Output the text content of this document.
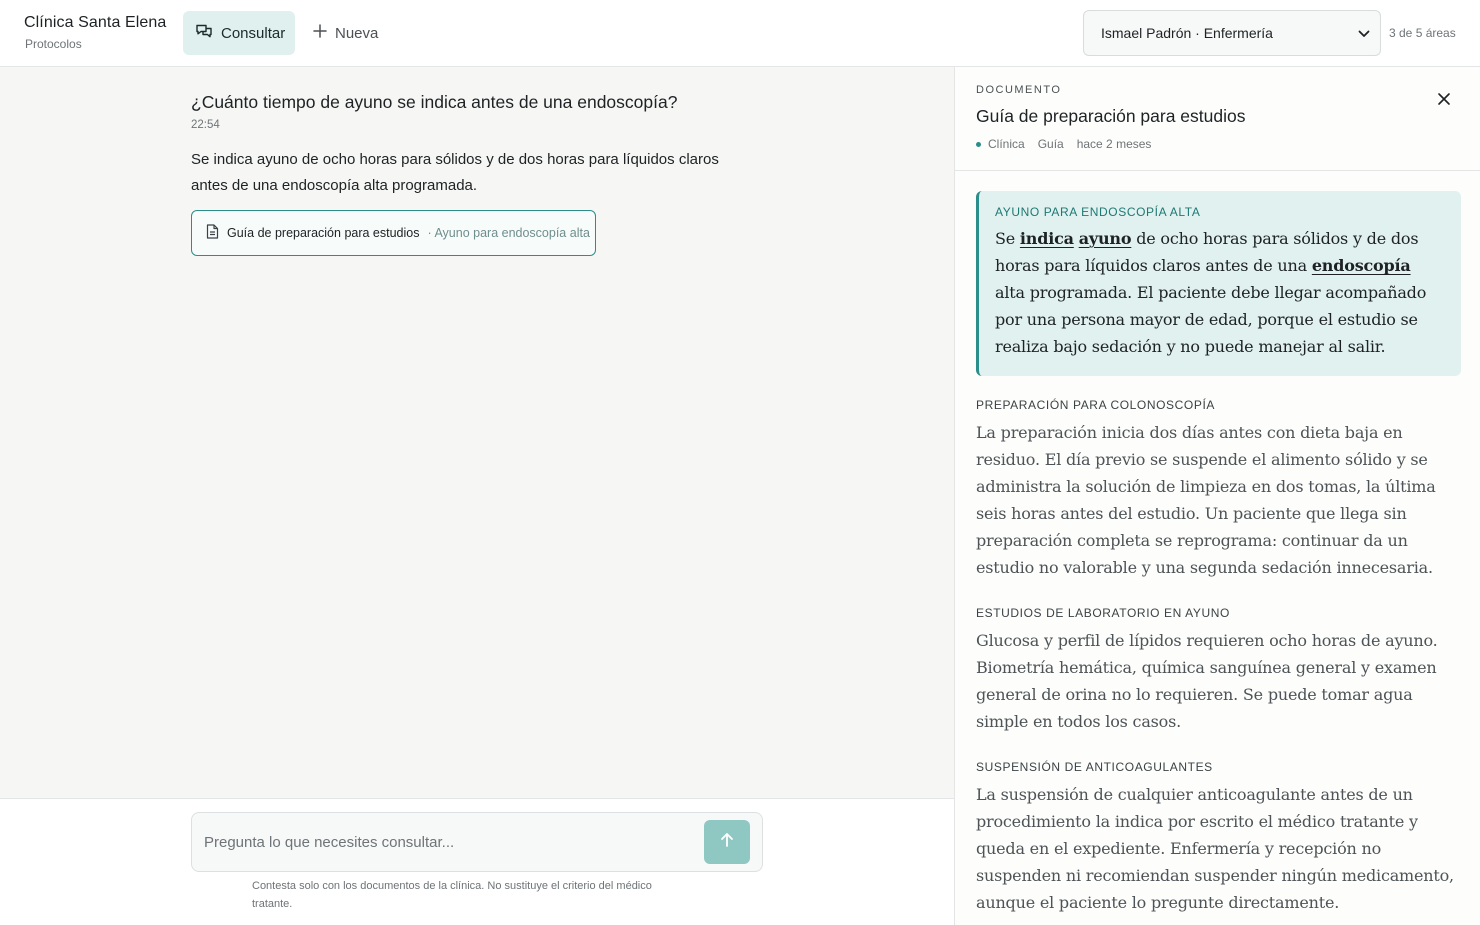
Clínica Santa Elena
Protocolos
Consultar	Nueva	Ismael Padrón · Enfermería	3 de 5 áreas
¿Cuánto tiempo de ayuno se indica antes de una endoscopía?
22:54
Se indica ayuno de ocho horas para sólidos y de dos horas para líquidos claros antes de una endoscopía alta programada.
Guía de preparación para estudios · Ayuno para endoscopía alta
Pregunta lo que necesites consultar...
Contesta solo con los documentos de la clínica. No sustituye el criterio del médico tratante.
DOCUMENTO
Guía de preparación para estudios
Clínica Guía hace 2 meses
AYUNO PARA ENDOSCOPÍA ALTA
Se indica ayuno de ocho horas para sólidos y de dos horas para líquidos claros antes de una endoscopía alta programada. El paciente debe llegar acompañado por una persona mayor de edad, porque el estudio se realiza bajo sedación y no puede manejar al salir.
PREPARACIÓN PARA COLONOSCOPÍA
La preparación inicia dos días antes con dieta baja en residuo. El día previo se suspende el alimento sólido y se administra la solución de limpieza en dos tomas, la última seis horas antes del estudio. Un paciente que llega sin preparación completa se reprograma: continuar da un estudio no valorable y una segunda sedación innecesaria.
ESTUDIOS DE LABORATORIO EN AYUNO
Glucosa y perfil de lípidos requieren ocho horas de ayuno. Biometría hemática, química sanguínea general y examen general de orina no lo requieren. Se puede tomar agua simple en todos los casos.
SUSPENSIÓN DE ANTICOAGULANTES
La suspensión de cualquier anticoagulante antes de un procedimiento la indica por escrito el médico tratante y queda en el expediente. Enfermería y recepción no suspenden ni recomiendan suspender ningún medicamento, aunque el paciente lo pregunte directamente.
